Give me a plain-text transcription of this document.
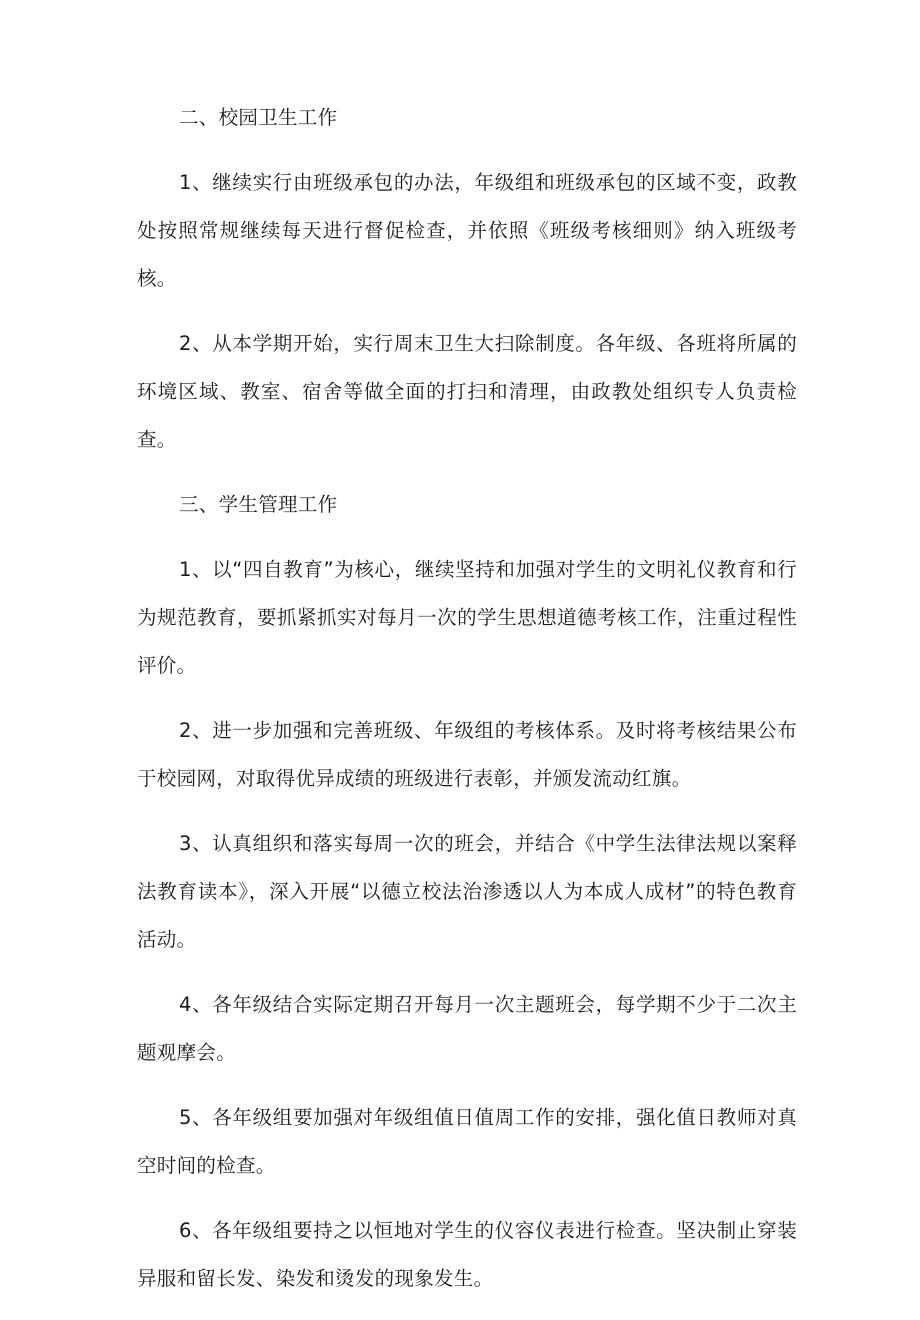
二、校园卫生工作

1、继续实行由班级承包的办法，年级组和班级承包的区域不变，政教处按照常规继续每天进行督促检查，并依照《班级考核细则》纳入班级考核。

2、从本学期开始，实行周末卫生大扫除制度。各年级、各班将所属的环境区域、教室、宿舍等做全面的打扫和清理，由政教处组织专人负责检查。

三、学生管理工作

1、以“四自教育”为核心，继续坚持和加强对学生的文明礼仪教育和行为规范教育，要抓紧抓实对每月一次的学生思想道德考核工作，注重过程性评价。

2、进一步加强和完善班级、年级组的考核体系。及时将考核结果公布于校园网，对取得优异成绩的班级进行表彰，并颁发流动红旗。

3、认真组织和落实每周一次的班会，并结合《中学生法律法规以案释法教育读本》，深入开展“以德立校法治渗透以人为本成人成材”的特色教育活动。

4、各年级结合实际定期召开每月一次主题班会，每学期不少于二次主题观摩会。

5、各年级组要加强对年级组值日值周工作的安排，强化值日教师对真空时间的检查。

6、各年级组要持之以恒地对学生的仪容仪表进行检查。坚决制止穿装异服和留长发、染发和烫发的现象发生。
